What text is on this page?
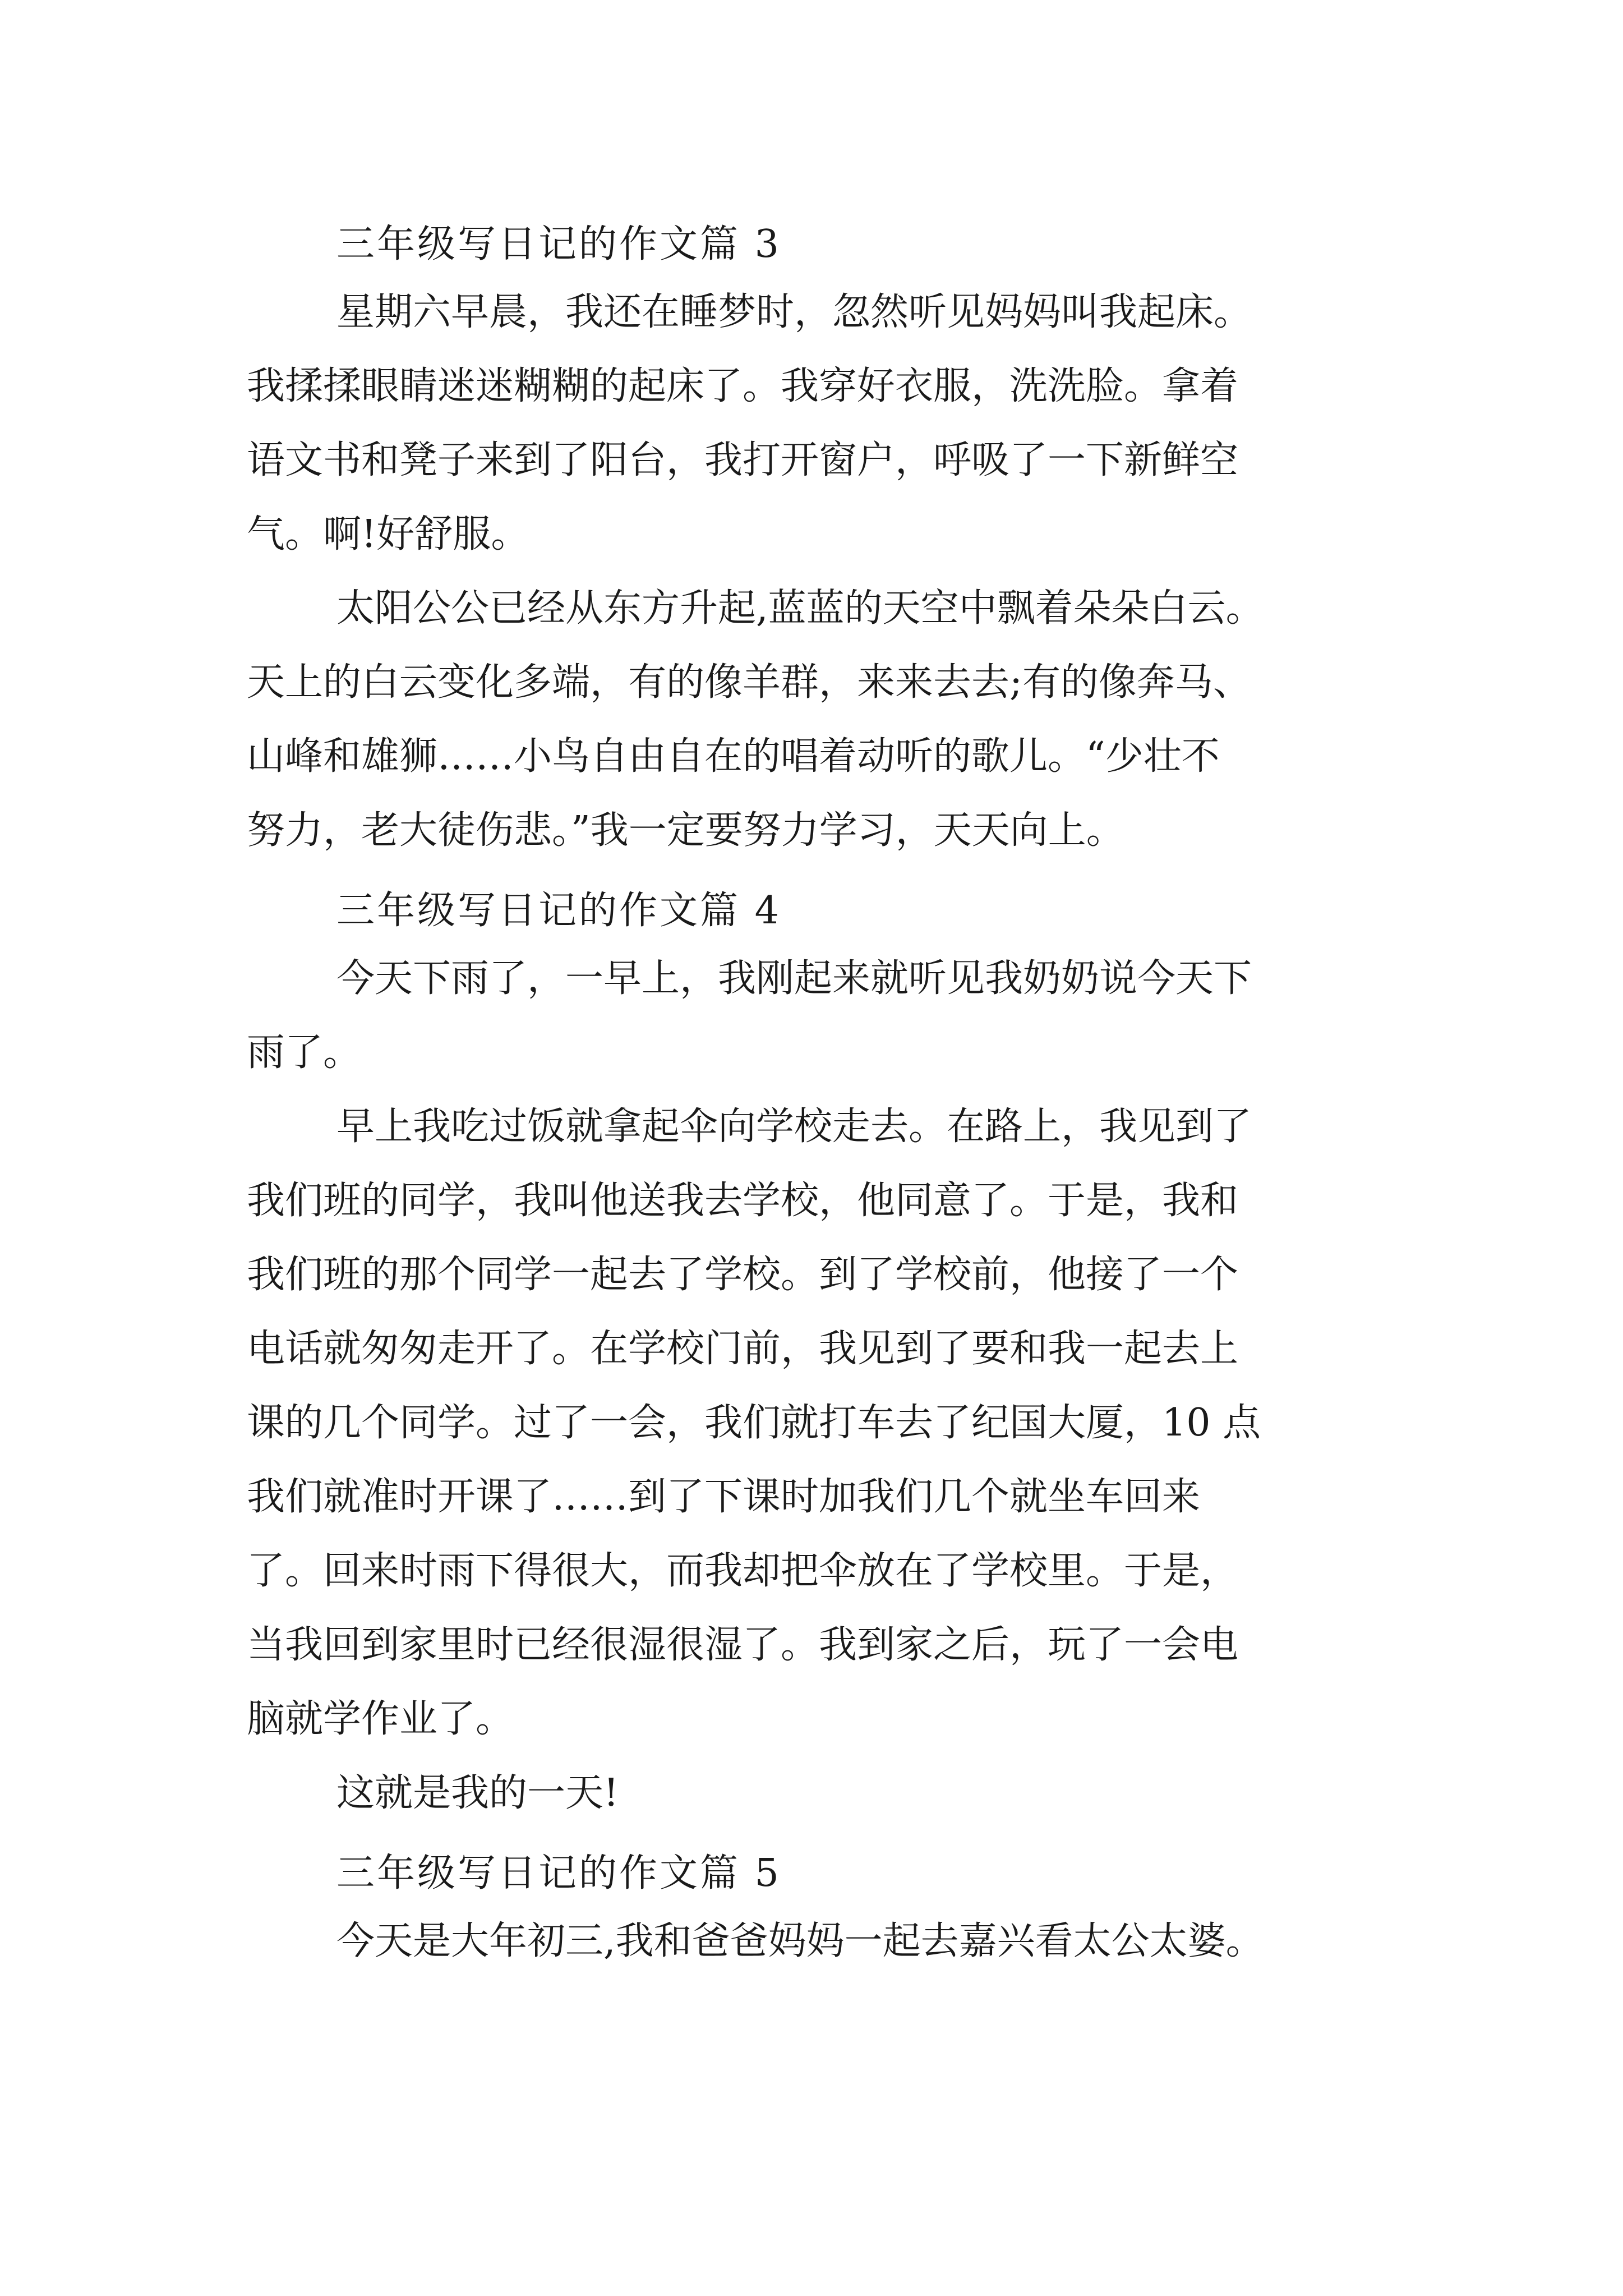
三年级写日记的作文篇 3
星期六早晨，我还在睡梦时，忽然听见妈妈叫我起床。
我揉揉眼睛迷迷糊糊的起床了。我穿好衣服，洗洗脸。拿着
语文书和凳子来到了阳台，我打开窗户，呼吸了一下新鲜空
气。啊!好舒服。
太阳公公已经从东方升起,蓝蓝的天空中飘着朵朵白云。
天上的白云变化多端，有的像羊群，来来去去;有的像奔马、
山峰和雄狮……小鸟自由自在的唱着动听的歌儿。“少壮不
努力，老大徒伤悲。”我一定要努力学习，天天向上。
三年级写日记的作文篇 4
今天下雨了，一早上，我刚起来就听见我奶奶说今天下
雨了。
早上我吃过饭就拿起伞向学校走去。在路上，我见到了
我们班的同学，我叫他送我去学校，他同意了。于是，我和
我们班的那个同学一起去了学校。到了学校前，他接了一个
电话就匆匆走开了。在学校门前，我见到了要和我一起去上
课的几个同学。过了一会，我们就打车去了纪国大厦，10 点
我们就准时开课了……到了下课时加我们几个就坐车回来
了。回来时雨下得很大，而我却把伞放在了学校里。于是，
当我回到家里时已经很湿很湿了。我到家之后，玩了一会电
脑就学作业了。
这就是我的一天!
三年级写日记的作文篇 5
今天是大年初三,我和爸爸妈妈一起去嘉兴看太公太婆。
